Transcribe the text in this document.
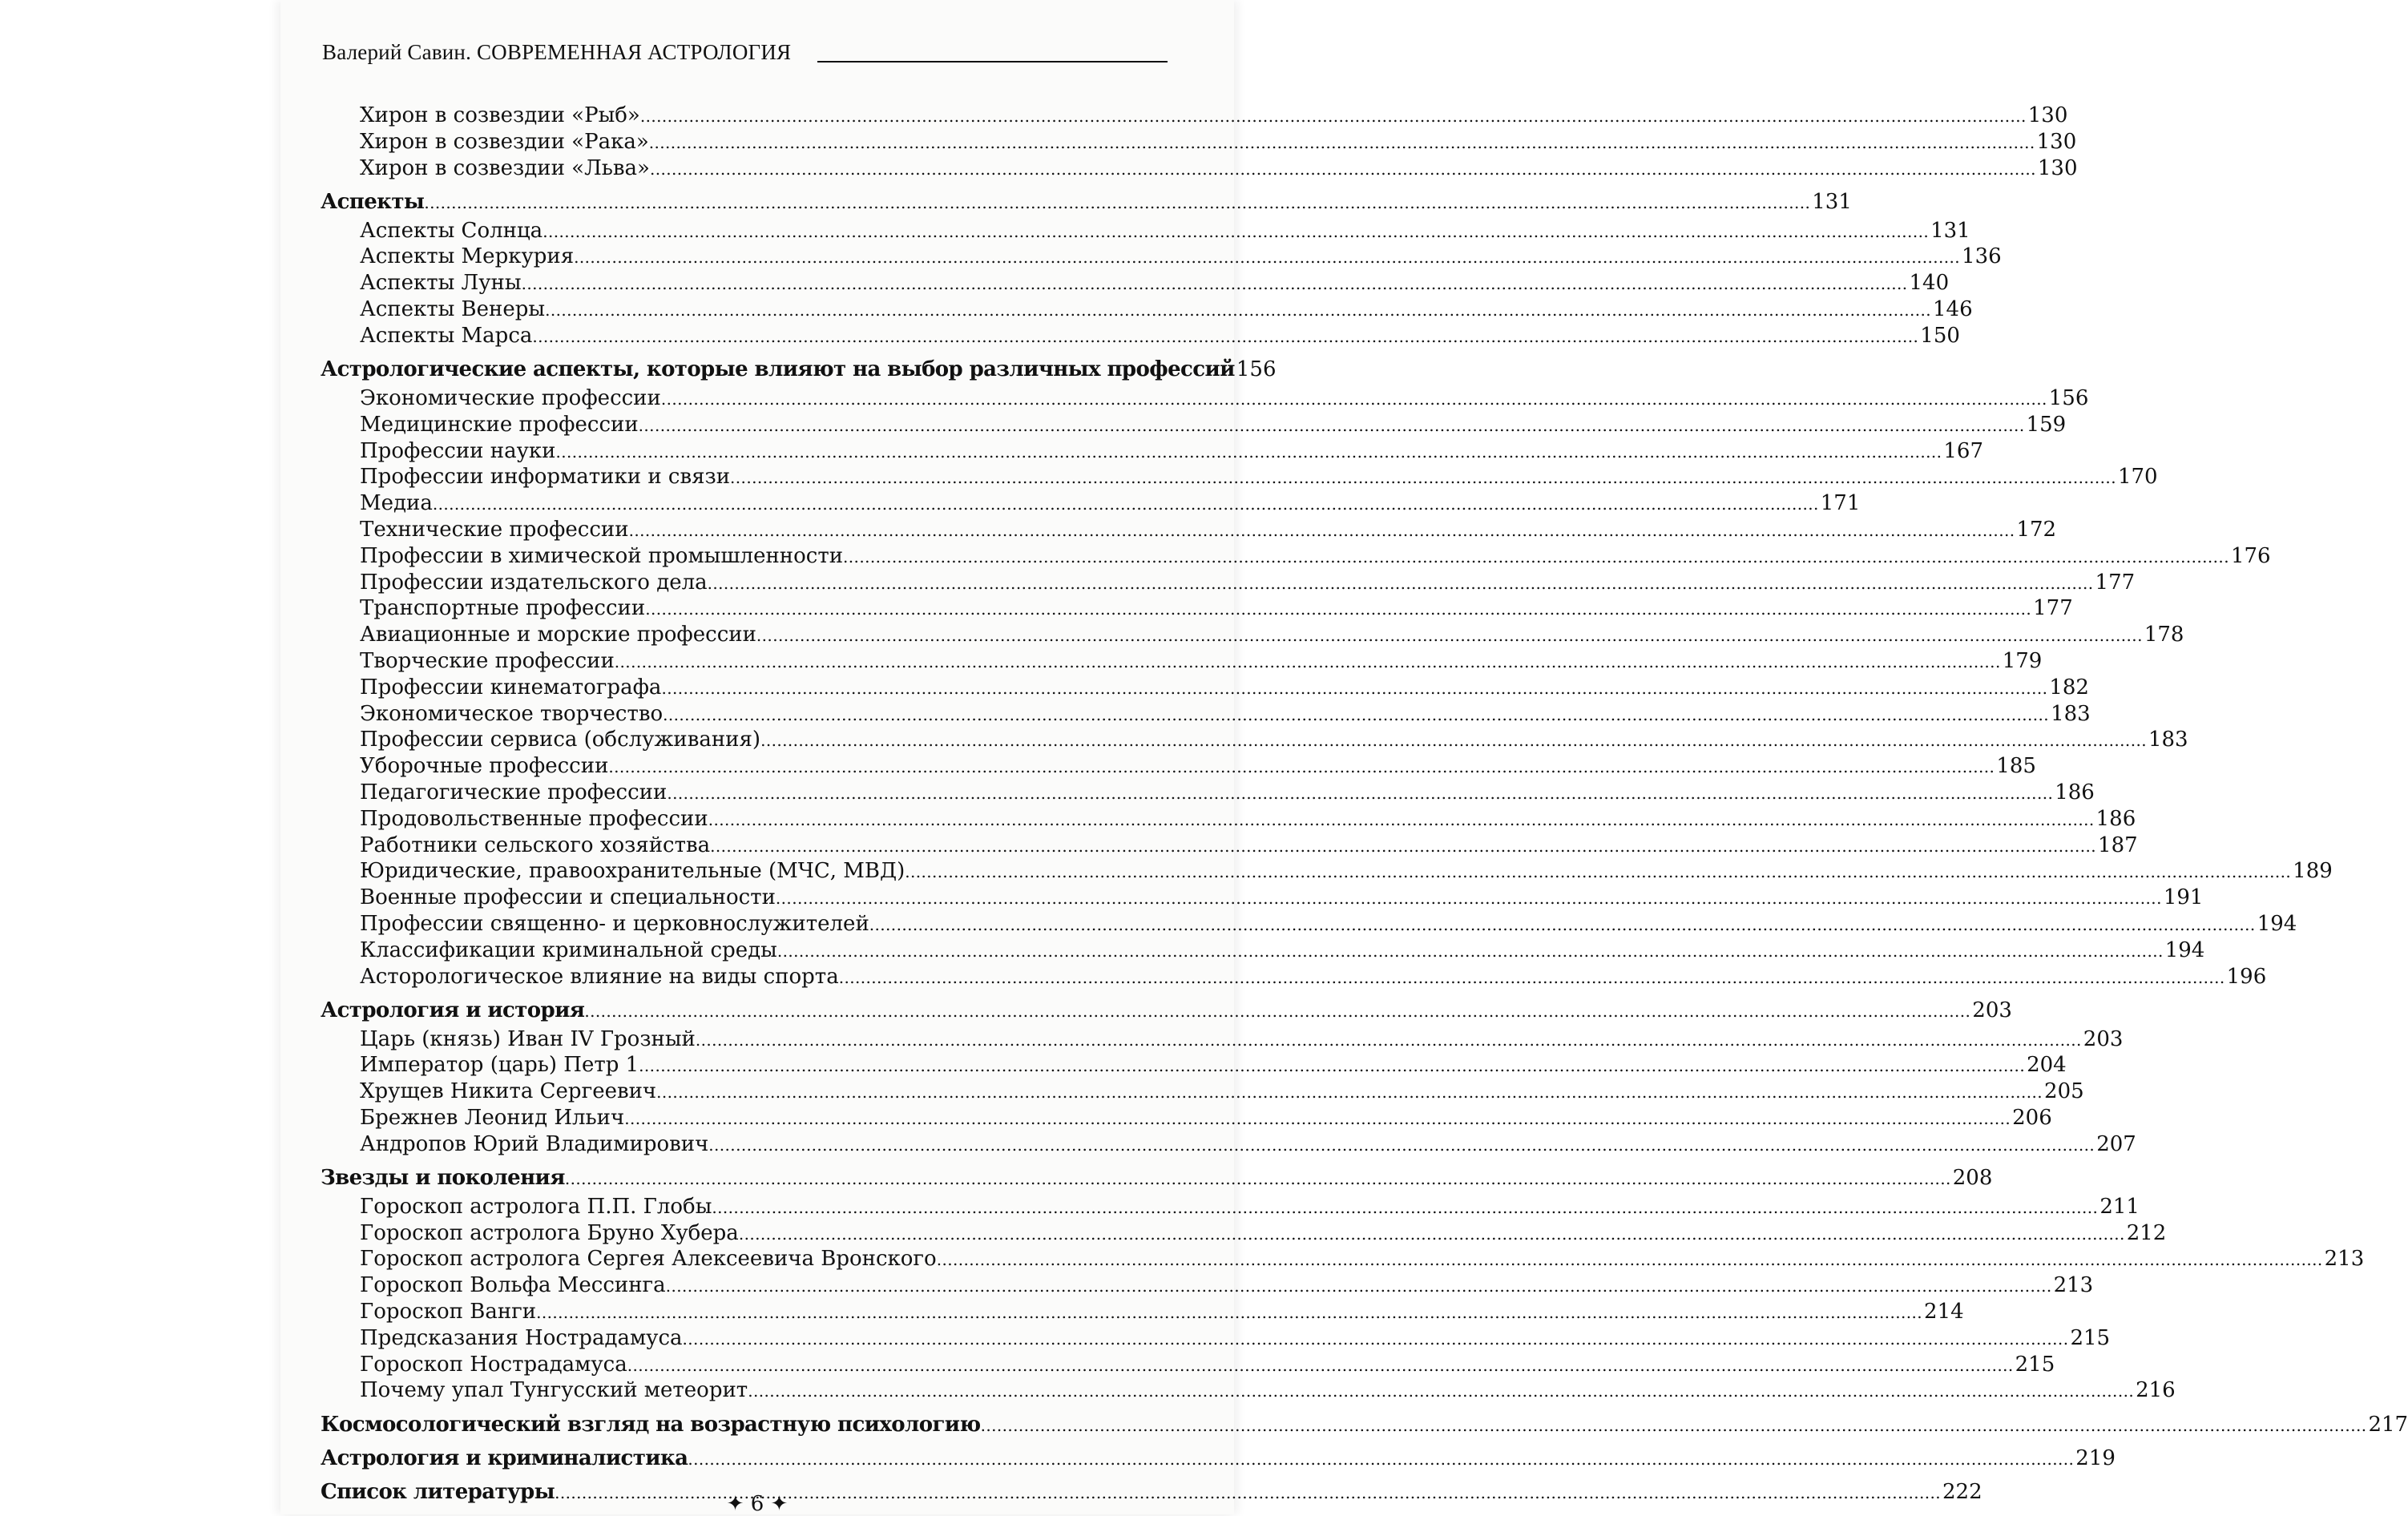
Валерий Савин. СОВРЕМЕННАЯ АСТРОЛОГИЯ
Хирон в созвездии «Рыб» .....	130
Хирон в созвездии «Рака» .....	130
Хирон в созвездии «Льва» .....	130
Аспекты .....	131
Аспекты Солнца .....	131
Аспекты Меркурия .....	136
Аспекты Луны .....	140
Аспекты Венеры .....	146
Аспекты Марса .....	150
Астрологические аспекты, которые влияют на выбор различных профессий 156
Экономические профессии .....	156
Медицинские профессии .....	159
Профессии науки .....	167
Профессии информатики и связи .....	170
Медиа .....	171
Технические профессии .....	172
Профессии в химической промышленности .....	176
Профессии издательского дела .....	177
Транспортные профессии .....	177
Авиационные и морские профессии .....	178
Творческие профессии .....	179
Профессии кинематографа .....	182
Экономическое творчество .....	183
Профессии сервиса (обслуживания) .....	183
Уборочные профессии .....	185
Педагогические профессии .....	186
Продовольственные профессии .....	186
Работники сельского хозяйства .....	187
Юридические, правоохранительные (МЧС, МВД) .....	189
Военные профессии и специальности .....	191
Профессии священно- и церковнослужителей .....	194
Классификации криминальной среды .....	194
Асторологическое влияние на виды спорта .....	196
Астрология и история .....	203
Царь (князь) Иван IV Грозный .....	203
Император (царь) Петр 1 .....	204
Хрущев Никита Сергеевич .....	205
Брежнев Леонид Ильич .....	206
Андропов Юрий Владимирович .....	207
Звезды и поколения .....	208
Гороскоп астролога П.П. Глобы .....	211
Гороскоп астролога Бруно Хубера .....	212
Гороскоп астролога Сергея Алексеевича Вронского .....	213
Гороскоп Вольфа Мессинга .....	213
Гороскоп Ванги .....	214
Предсказания Нострадамуса .....	215
Гороскоп Нострадамуса .....	215
Почему упал Тунгусский метеорит .....	216
Космосологический взгляд на возрастную психологию .....	217
Астрология и криминалистика .....	219
Список литературы .....	222
✦ 6 ✦
